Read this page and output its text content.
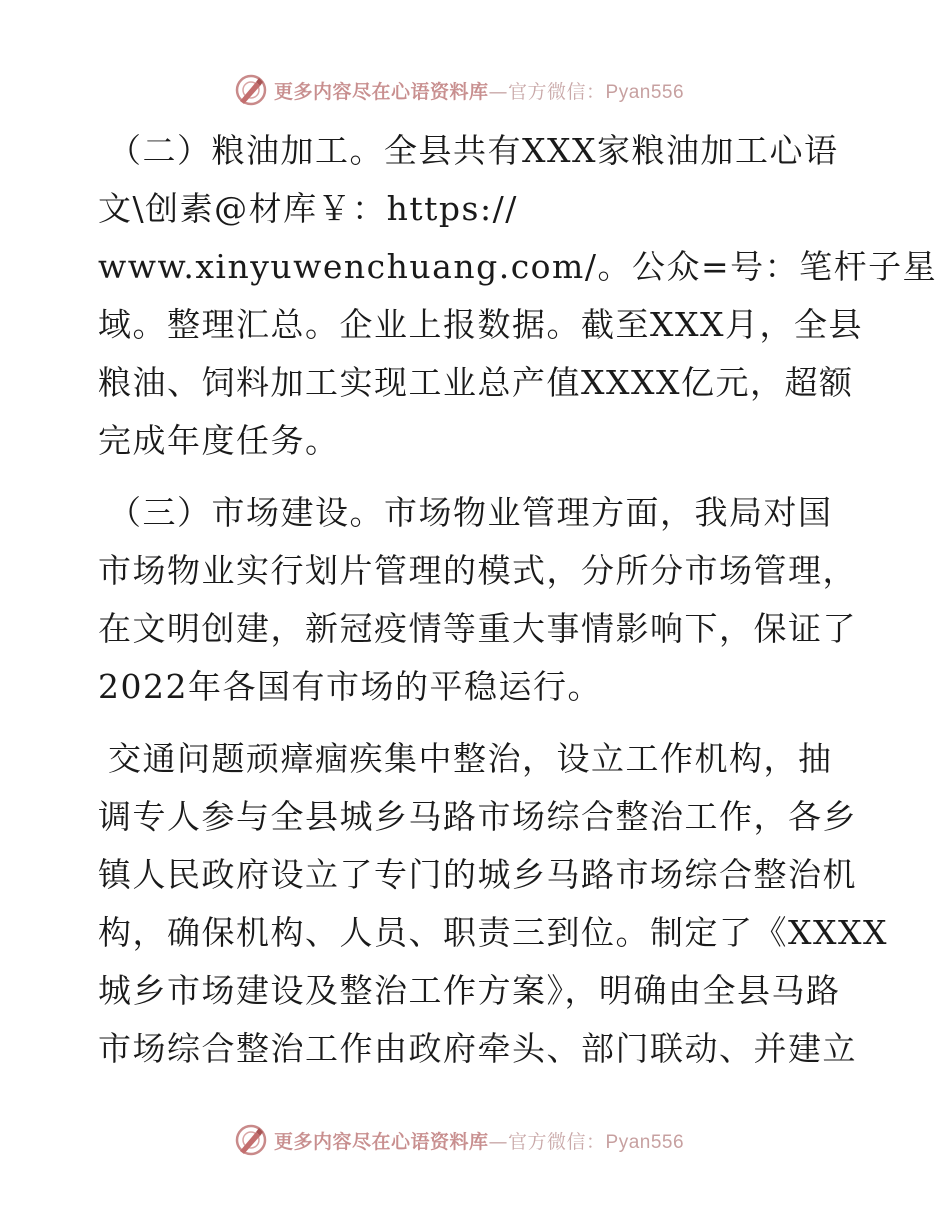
更多内容尽在心语资料库—官方微信：Pyan556
（二）粮油加工。全县共有XXX家粮油加工心语
文\创素@材库￥：https://
www.xinyuwenchuang.com/。公众=号：笔杆子星
域。整理汇总。企业上报数据。截至XXX月，全县
粮油、饲料加工实现工业总产值XXXX亿元，超额
完成年度任务。
（三）市场建设。市场物业管理方面，我局对国
市场物业实行划片管理的模式，分所分市场管理，
在文明创建，新冠疫情等重大事情影响下，保证了
2022年各国有市场的平稳运行。
交通问题顽瘴痼疾集中整治，设立工作机构，抽
调专人参与全县城乡马路市场综合整治工作，各乡
镇人民政府设立了专门的城乡马路市场综合整治机
构，确保机构、人员、职责三到位。制定了《XXXX
城乡市场建设及整治工作方案》，明确由全县马路
市场综合整治工作由政府牵头、部门联动、并建立
更多内容尽在心语资料库—官方微信：Pyan556
